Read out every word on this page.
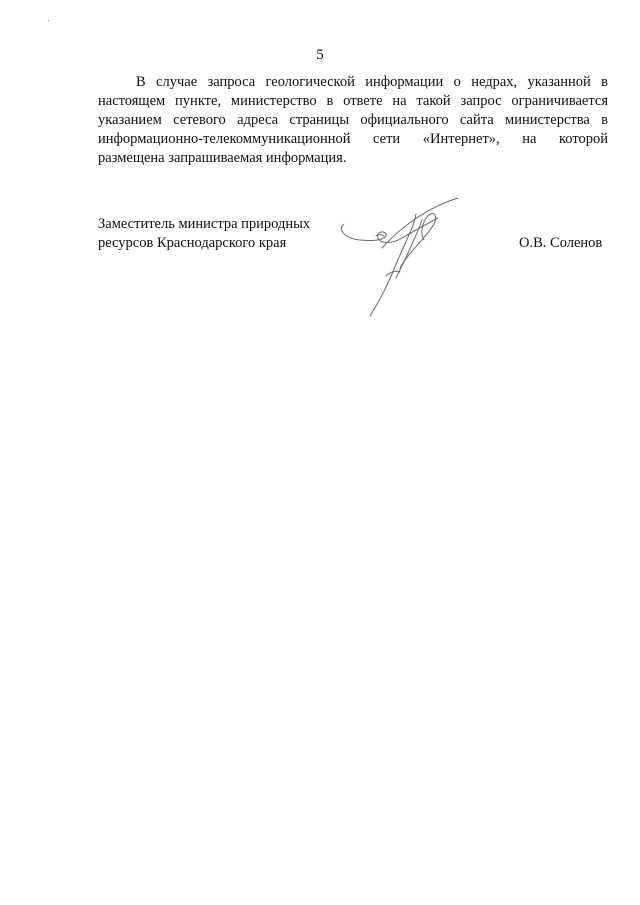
5
В случае запроса геологической информации о недрах, указанной в
настоящем пункте, министерство в ответе на такой запрос ограничивается
указанием сетевого адреса страницы официального сайта министерства в
информационно-телекоммуникационной сети «Интернет», на которой
размещена запрашиваемая информация.
Заместитель министра природных
ресурсов Краснодарского края	О.В. Соленов
